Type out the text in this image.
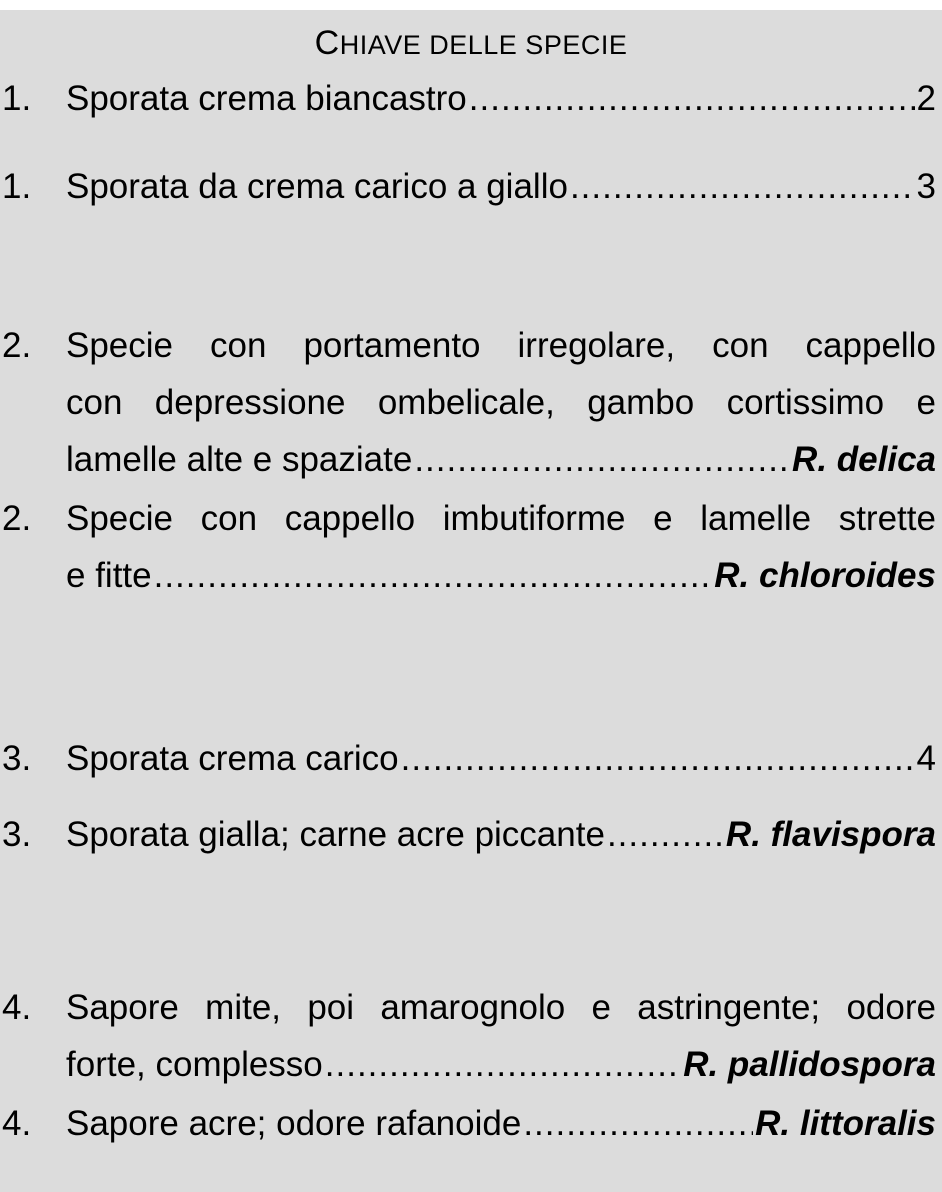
CHIAVE DELLE SPECIE
1. Sporata crema biancastro .....	2
1. Sporata da crema carico a giallo .....	3
2. Specie con portamento irregolare, con cappello
con depressione ombelicale, gambo cortissimo e
lamelle alte e spaziate .....	R. delica
2. Specie con cappello imbutiforme e lamelle strette
e fitte .....	R. chloroides
3. Sporata crema carico .....	4
3. Sporata gialla; carne acre piccante .....	R. flavispora
4. Sapore mite, poi amarognolo e astringente; odore
forte, complesso .....	R. pallidospora
4. Sapore acre; odore rafanoide .....	R. littoralis
